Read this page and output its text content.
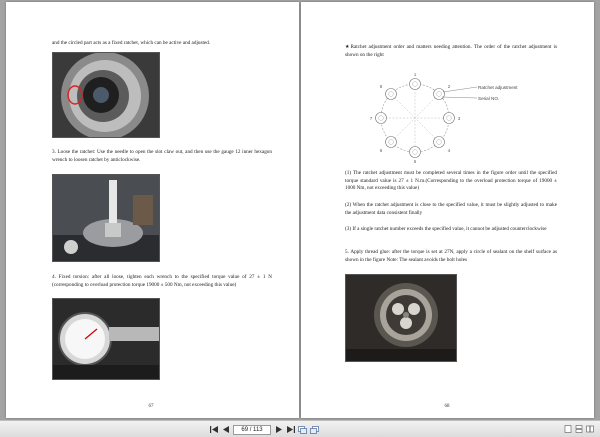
and the circled part acts as a fixed ratchet, which can be active and adjusted.
3. Loose the ratchet: Use the needle to open the slot claw out, and then use the gauge 12 inner hexagon wrench to loosen ratchet by anticlockwise.
4. Fixed torsion: after all loose, tighten each wrench to the specified torque value of 27 ± 1 N (corresponding to overload protection torque 19000 ± 500 Nm, not exceeding this value)
67
★Ratchet adjustment order and matters needing attention. The order of the ratchet adjustment is shown on the right
1
2
3
4
5
6
7
8	Ratchet adjustment
Serial NO.
(1) The ratchet adjustment must be completed several times in the figure order until the specified torque standard value is 27 ± 1 N.m.(Corresponding to the overload protection torque of 19000 ± 1000 Nm, not exceeding this value)
(2) When the ratchet adjustment is close to the specified value, it must be slightly adjusted to make the adjustment data consistent finally
(3) If a single ratchet number exceeds the specified value, it cannot be adjusted counterclockwise
5. Apply thread glue: after the torque is set at 27N, apply a circle of sealant on the shelf surface as shown in the figure Note: The sealant avoids the bolt holes
68
69 / 113
